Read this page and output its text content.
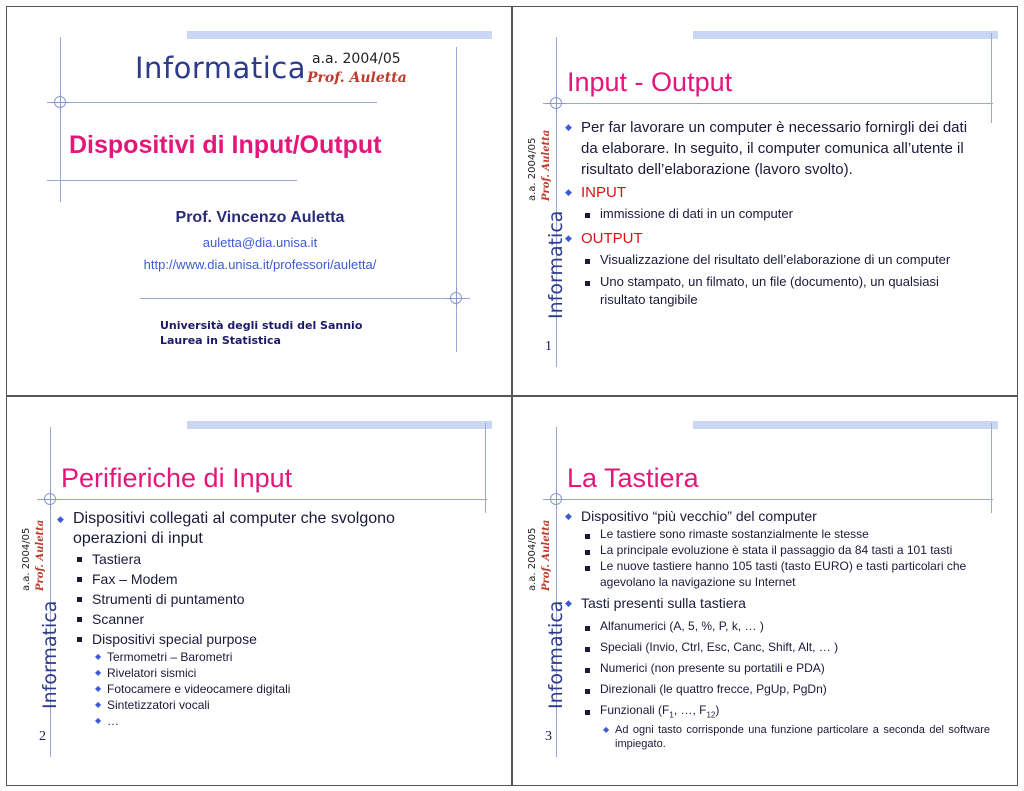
Informatica a.a. 2004/05
Prof. Auletta
Dispositivi di Input/Output
Prof. Vincenzo Auletta
auletta@dia.unisa.it
http://www.dia.unisa.it/professori/auletta/
Università degli studi del Sannio
Laurea in Statistica
Informatica
a.a. 2004/05 Prof. Auletta
Input - Output
◆ Per far lavorare un computer è necessario fornirgli dei dati da elaborare. In seguito, il computer comunica all’utente il risultato dell’elaborazione (lavoro svolto).
◆ INPUT
immissione di dati in un computer
◆ OUTPUT
Visualizzazione del risultato dell’elaborazione di un computer
Uno stampato, un filmato, un file (documento), un qualsiasi risultato tangibile
1
Informatica
a.a. 2004/05 Prof. Auletta
Perifieriche di Input
◆ Dispositivi collegati al computer che svolgono operazioni di input
Tastiera
Fax – Modem
Strumenti di puntamento
Scanner
Dispositivi special purpose
◆ Termometri – Barometri
◆ Rivelatori sismici
◆ Fotocamere e videocamere digitali
◆ Sintetizzatori vocali
◆ …
2
Informatica
a.a. 2004/05 Prof. Auletta
La Tastiera
◆ Dispositivo “più vecchio” del computer
Le tastiere sono rimaste sostanzialmente le stesse
La principale evoluzione è stata il passaggio da 84 tasti a 101 tasti
Le nuove tastiere hanno 105 tasti (tasto EURO) e tasti particolari che agevolano la navigazione su Internet
◆ Tasti presenti sulla tastiera
Alfanumerici (A, 5, %, P, k, … )
Speciali (Invio, Ctrl, Esc, Canc, Shift, Alt, … )
Numerici (non presente su portatili e PDA)
Direzionali (le quattro frecce, PgUp, PgDn)
Funzionali ($F_1$, …, $F_{12}$)
◆ Ad ogni tasto corrisponde una funzione particolare a seconda del software impiegato.
3
